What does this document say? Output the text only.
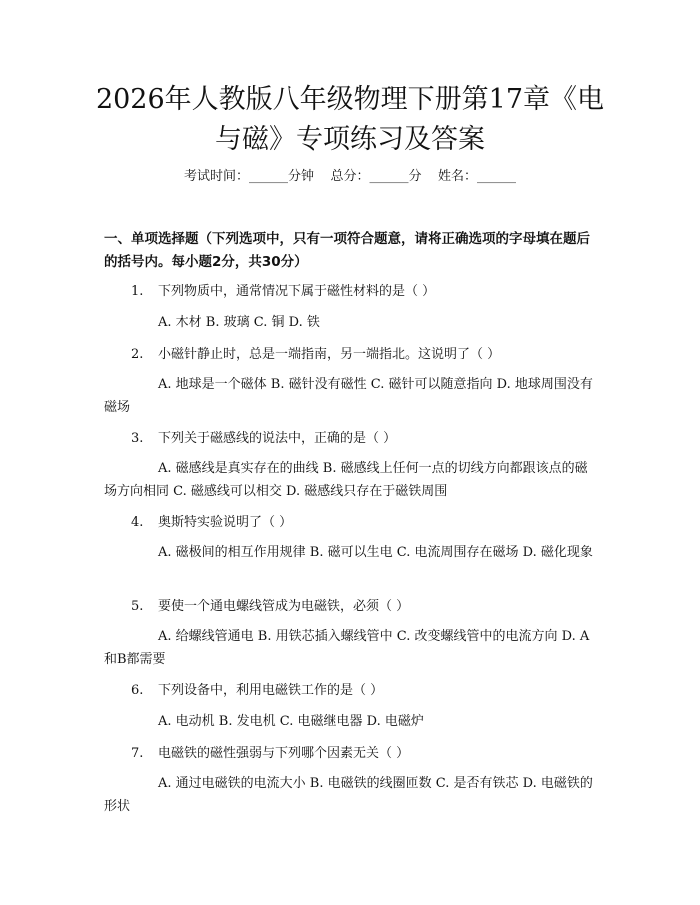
2026年人教版八年级物理下册第17章《电与磁》专项练习及答案
考试时间：______分钟    总分：______分    姓名：______
一、单项选择题（下列选项中，只有一项符合题意，请将正确选项的字母填在题后的括号内。每小题2分，共30分）
1. 下列物质中，通常情况下属于磁性材料的是（ ）
A. 木材 B. 玻璃 C. 铜 D. 铁
2. 小磁针静止时，总是一端指南，另一端指北。这说明了（ ）
A. 地球是一个磁体 B. 磁针没有磁性 C. 磁针可以随意指向 D. 地球周围没有磁场
3. 下列关于磁感线的说法中，正确的是（ ）
A. 磁感线是真实存在的曲线 B. 磁感线上任何一点的切线方向都跟该点的磁场方向相同 C. 磁感线可以相交 D. 磁感线只存在于磁铁周围
4. 奥斯特实验说明了（ ）
A. 磁极间的相互作用规律 B. 磁可以生电 C. 电流周围存在磁场 D. 磁化现象
5. 要使一个通电螺线管成为电磁铁，必须（ ）
A. 给螺线管通电 B. 用铁芯插入螺线管中 C. 改变螺线管中的电流方向 D. A和B都需要
6. 下列设备中，利用电磁铁工作的是（ ）
A. 电动机 B. 发电机 C. 电磁继电器 D. 电磁炉
7. 电磁铁的磁性强弱与下列哪个因素无关（ ）
A. 通过电磁铁的电流大小 B. 电磁铁的线圈匝数 C. 是否有铁芯 D. 电磁铁的形状
